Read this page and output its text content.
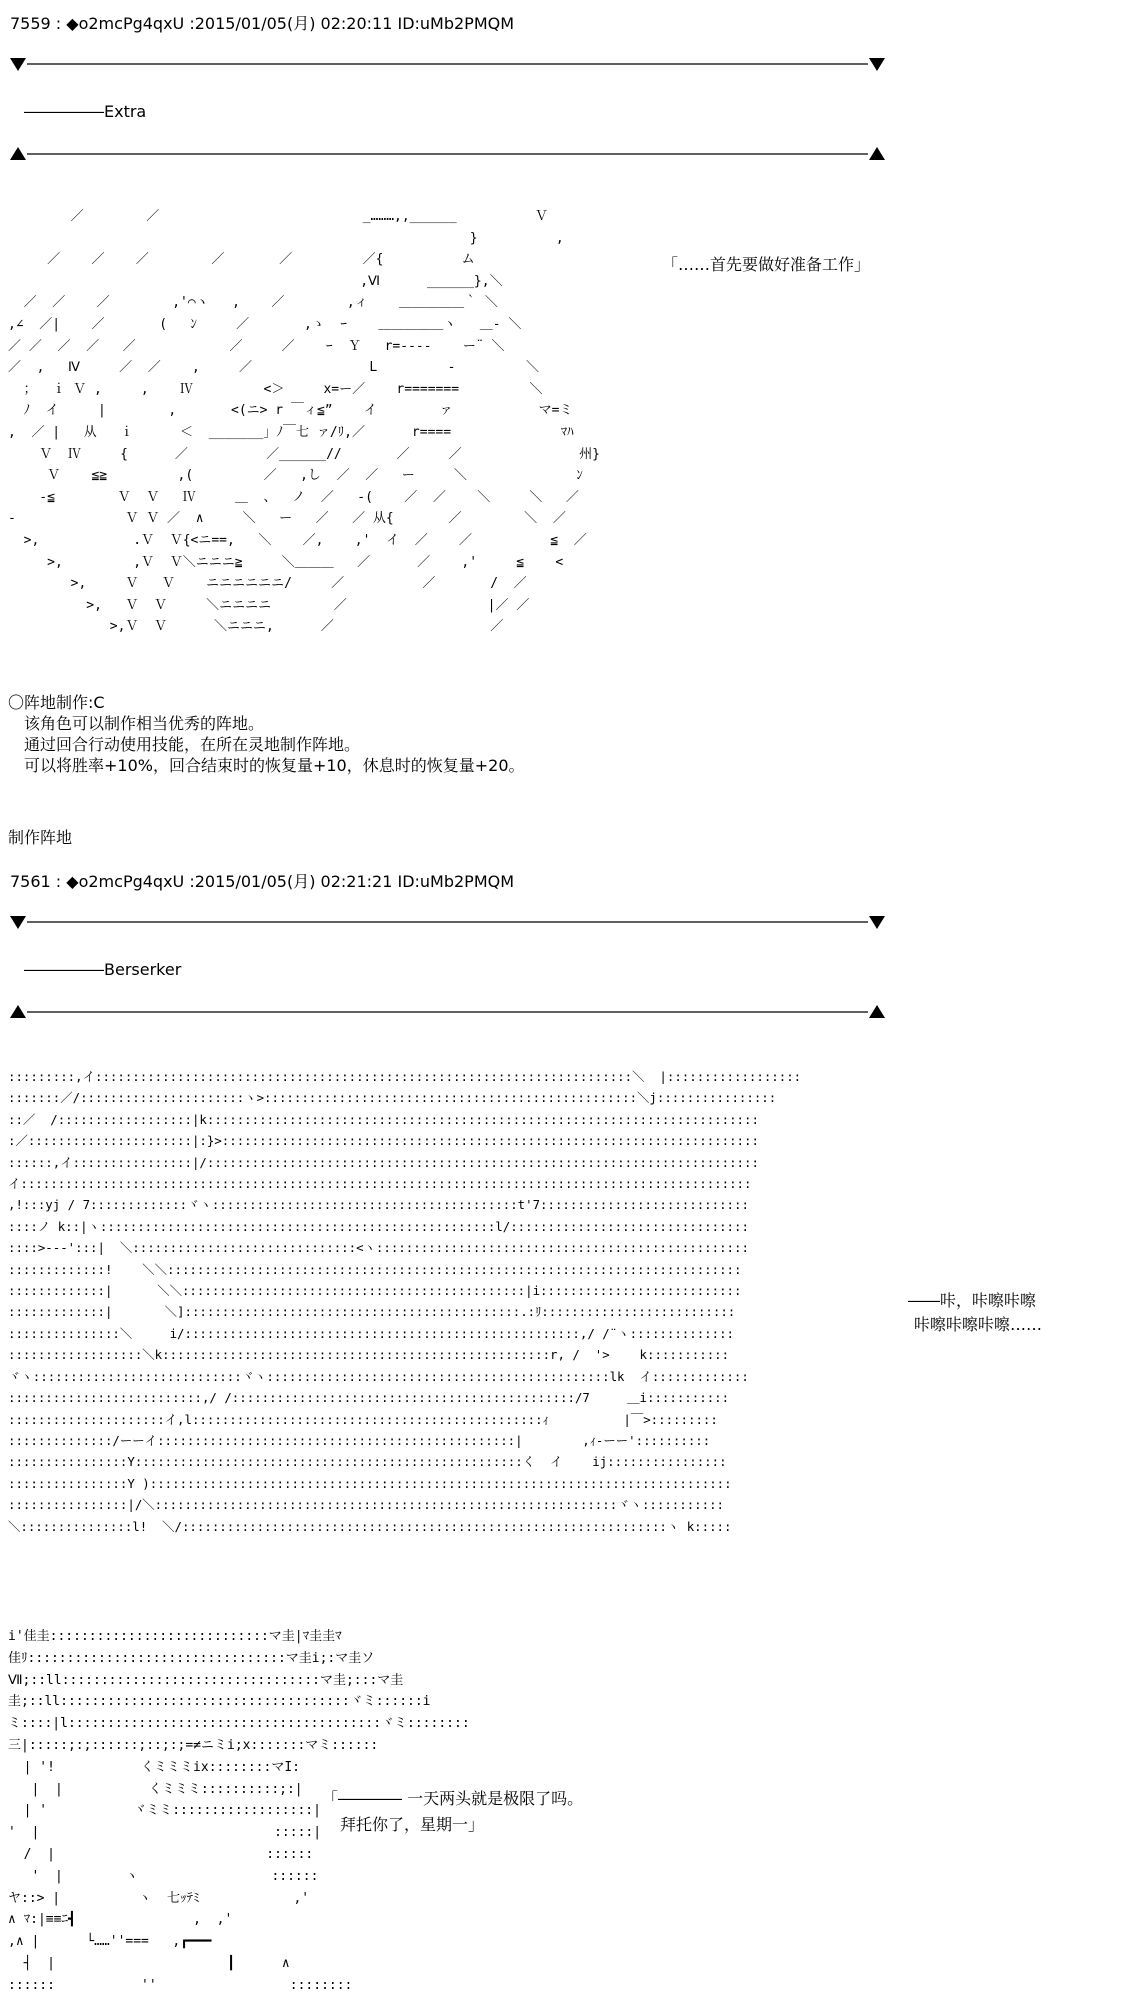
7559 : ◆o2mcPg4qxU :2015/01/05(月) 02:20:11 ID:uMb2PMQM
―――――Extra
／        ／                          _………,,______          Ｖ
}          ,
／    ／    ／        ／       ／         ／{          ム
,Ⅵ      ______},＼
／  ／    ／        ,'⌒ヽ   ,    ／        ,ィ    ＿＿＿＿＿｀ ＼
,∠  ／|    ／       (   ﾝ     ／       ,ゝ  ｰ    ＿＿＿＿＿ヽ   ＿- ＼
／ ／  ／  ／   ／            ／     ／    ｰ  Ｙ   r=----    ー¨ ＼
／  ,   Ⅳ     ／  ／    ,     ／               L         -         ＼
；  ｉ Ｖ ,     ,    Ⅳ         <＞     x=ー／    r=======         ＼
ﾉ  イ     |        ,       <(ニ> r ￣ィ≦”    イ        ァ           マ=ミ
,  ／ |   从   ｉ      ＜  _______」ﾉ￣七 ァ/ﾘ,／      r====              ﾏﾊ
Ｖ  Ⅳ     {      ／          ／______//       ／     ／               州}
Ｖ    ≦≧         ,(         ／   ,し  ／  ／   ー     ＼              ﾝ
-≦        Ｖ  Ｖ   Ⅳ     ＿  、  ノ  ／   -(    ／  ／    ＼     ＼   ／
-              Ｖ Ｖ ／  ∧     ＼   ー   ／   ／ 从{       ／        ＼  ／
>,            .Ｖ  Ｖ{<ニ==,   ＼    ／,    ,'  イ  ／    ／          ≦  ／
>,         ,Ｖ  Ｖ＼ニニニ≧     ＼＿＿＿   ／      ／    ,'     ≦    <
>,     Ｖ   Ｖ    ニニニニニニ/     ／          ／       /  ／
>,   Ｖ  Ｖ     ＼ニニニニ        ／                  |／ ／
>,Ｖ  Ｖ      ＼ニニニ,      ／                    ／
「……首先要做好准备工作」
〇阵地制作:C
该角色可以制作相当优秀的阵地。
通过回合行动使用技能，在所在灵地制作阵地。
可以将胜率+10%，回合结束时的恢复量+10，休息时的恢复量+20。
制作阵地
7561 : ◆o2mcPg4qxU :2015/01/05(月) 02:21:21 ID:uMb2PMQM
―――――Berserker
:::::::::,イ::::::::::::::::::::::::::::::::::::::::::::::::::::::::::::::::::::::::＼  |::::::::::::::::::
:::::::／/::::::::::::::::::::::ヽ>::::::::::::::::::::::::::::::::::::::::::::::::::＼j::::::::::::::::
::／  /::::::::::::::::::|k::::::::::::::::::::::::::::::::::::::::::::::::::::::::::::::::::::::::::
:／::::::::::::::::::::::|:}>::::::::::::::::::::::::::::::::::::::::::::::::::::::::::::::::::::::::
::::::,イ::::::::::::::::|/::::::::::::::::::::::::::::::::::::::::::::::::::::::::::::::::::::::::::
イ::::::::::::::::::::::::::::::::::::::::::::::::::::::::::::::::::::::::::::::::::::::::::::::::::
,!:::yj / 7:::::::::::::ヾヽ:::::::::::::::::::::::::::::::::::::::::t'7::::::::::::::::::::::::::::
::::ノ k::|ヽ:::::::::::::::::::::::::::::::::::::::::::::::::::::l/::::::::::::::::::::::::::::::::
::::>---':::|  ＼::::::::::::::::::::::::::::::<ヽ::::::::::::::::::::::::::::::::::::::::::::::::::
:::::::::::::!    ＼＼:::::::::::::::::::::::::::::::::::::::::::::::::::::::::::::::::::::::::::::
:::::::::::::|      ＼＼::::::::::::::::::::::::::::::::::::::::::::::|i:::::::::::::::::::::::::::
:::::::::::::|       ＼]:::::::::::::::::::::::::::::::::::::::::::::.:ﾘ::::::::::::::::::::::::::
:::::::::::::::＼     i/:::::::::::::::::::::::::::::::::::::::::::::::::::::,/ /¨ヽ::::::::::::::
::::::::::::::::::＼k::::::::::::::::::::::::::::::::::::::::::::::::::::r, /  '>    k:::::::::::
ヾヽ::::::::::::::::::::::::::::ヾヽ::::::::::::::::::::::::::::::::::::::::::::::lk  イ:::::::::::::
::::::::::::::::::::::::::,/ /::::::::::::::::::::::::::::::::::::::::::::::/7     ＿i:::::::::::
:::::::::::::::::::::イ,l:::::::::::::::::::::::::::::::::::::::::::::::ｨ          |￣>:::::::::
::::::::::::::/ーーイ::::::::::::::::::::::::::::::::::::::::::::::::|        ,ｨ-ーー'::::::::::
::::::::::::::::Y::::::::::::::::::::::::::::::::::::::::::::::::::::く  イ    ij::::::::::::::::
::::::::::::::::Y )::::::::::::::::::::::::::::::::::::::::::::::::::::::::::::::::::::::::::::::
::::::::::::::::|/＼::::::::::::::::::::::::::::::::::::::::::::::::::::::::::::::ヾヽ:::::::::::
＼:::::::::::::::l!  ＼/:::::::::::::::::::::::::::::::::::::::::::::::::::::::::::::::::ヽ k:::::
――咔，咔嚓咔嚓
咔嚓咔嚓咔嚓……
i'佳圭::::::::::::::::::::::::::::マ圭|ﾏ圭圭ﾏ
佳ﾘ:::::::::::::::::::::::::::::::::マ圭i;:マ圭ソ
Ⅶ;::ll:::::::::::::::::::::::::::::::::マ圭;:::マ圭
圭;::ll:::::::::::::::::::::::::::::::::::::ヾミ::::::i
ミ::::|l::::::::::::::::::::::::::::::::::::::::ヾミ::::::::
三|:::::;:;::::::;::;:;=≠ニミi;x:::::::マミ::::::
| '!           くミミミix::::::::マI:
|  |           くミミミ::::::::::;:|
| '           ヾミミ::::::::::::::::::|
'  |                              :::::|
/  |                           ::::::
'  |        ヽ                 ::::::
ヤ::> |          ヽ  七ｯﾃﾐ            ,'
∧ ﾏ:|≡≡ﾆ┫               ,  ,'
,∧ |      └……''===   ,┏━━━
┤  |                      ┃      ∧
::::::           ''                 ::::::::
「―――― 一天两头就是极限了吗。
拜托你了，星期一」
